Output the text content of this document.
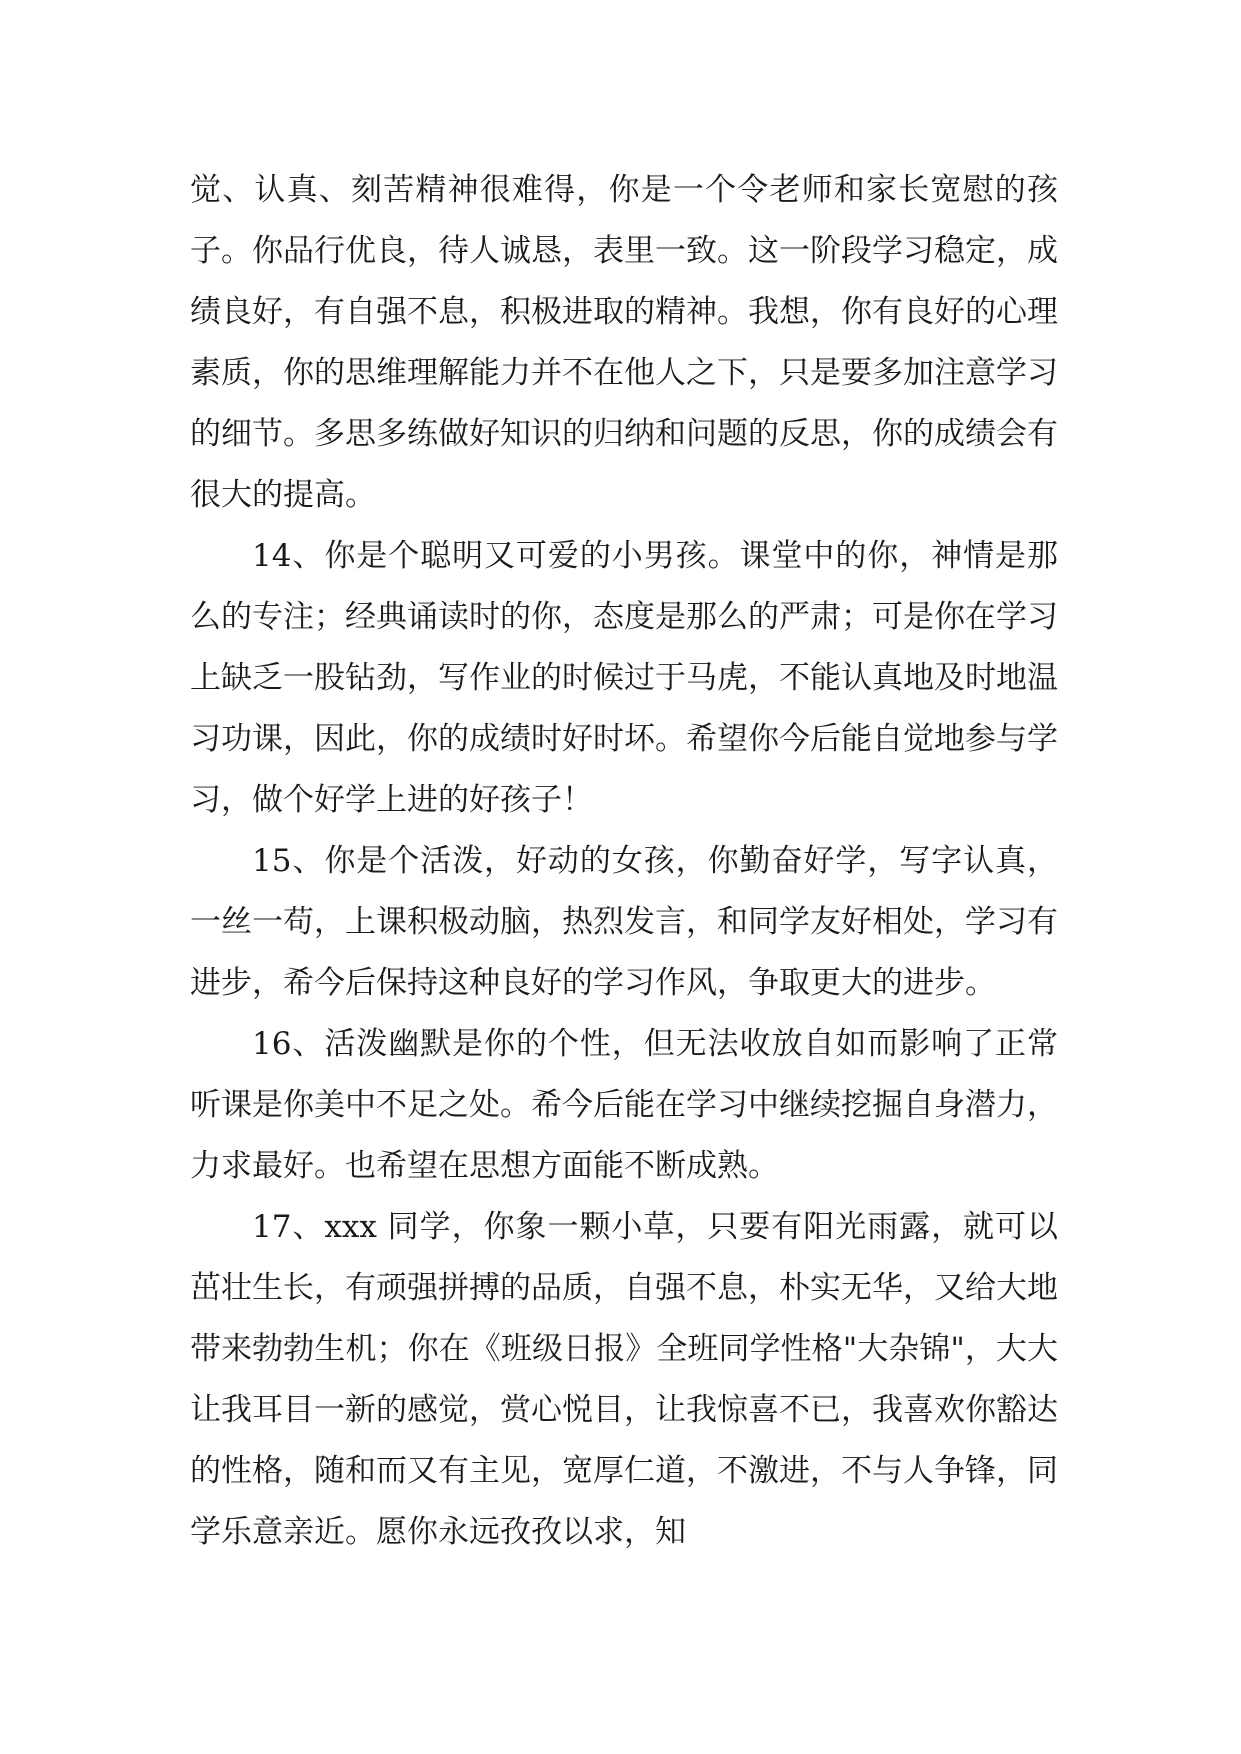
觉、认真、刻苦精神很难得，你是一个令老师和家长宽慰的孩子。你品行优良，待人诚恳，表里一致。这一阶段学习稳定，成绩良好，有自强不息，积极进取的精神。我想，你有良好的心理素质，你的思维理解能力并不在他人之下，只是要多加注意学习的细节。多思多练做好知识的归纳和问题的反思，你的成绩会有很大的提高。

14、你是个聪明又可爱的小男孩。课堂中的你，神情是那么的专注；经典诵读时的你，态度是那么的严肃；可是你在学习上缺乏一股钻劲，写作业的时候过于马虎，不能认真地及时地温习功课，因此，你的成绩时好时坏。希望你今后能自觉地参与学习，做个好学上进的好孩子！

15、你是个活泼，好动的女孩，你勤奋好学，写字认真，一丝一苟，上课积极动脑，热烈发言，和同学友好相处，学习有进步，希今后保持这种良好的学习作风，争取更大的进步。

16、活泼幽默是你的个性，但无法收放自如而影响了正常听课是你美中不足之处。希今后能在学习中继续挖掘自身潜力，力求最好。也希望在思想方面能不断成熟。

17、xxx 同学，你象一颗小草，只要有阳光雨露，就可以茁壮生长，有顽强拼搏的品质，自强不息，朴实无华，又给大地带来勃勃生机；你在《班级日报》全班同学性格"大杂锦"，大大让我耳目一新的感觉，赏心悦目，让我惊喜不已，我喜欢你豁达的性格，随和而又有主见，宽厚仁道，不激进，不与人争锋，同学乐意亲近。愿你永远孜孜以求，知
